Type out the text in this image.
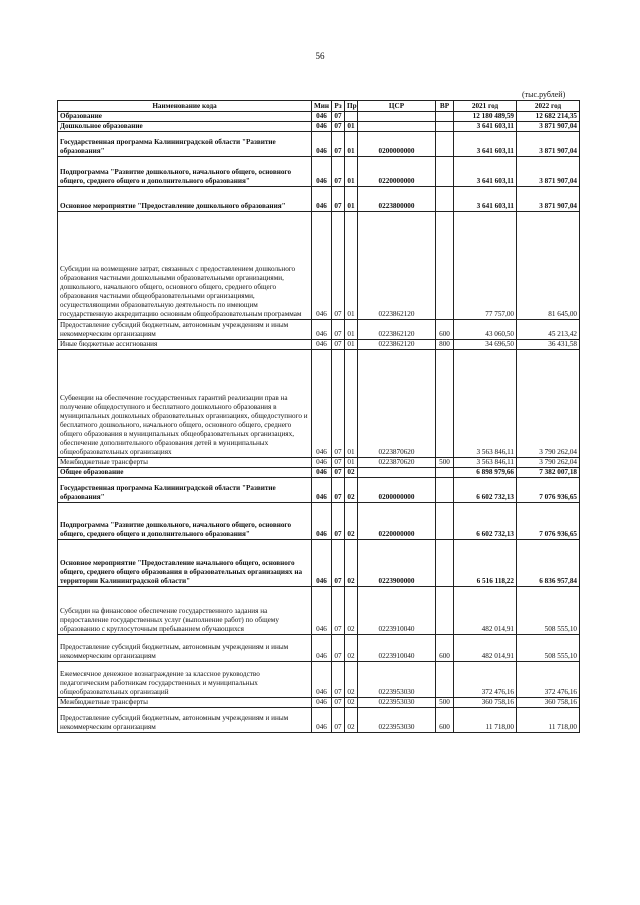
56
(тыс.рублей)
Наименование кода	Мин	Рз	Пр	ЦСР	ВР	2021 год	2022 год
Образование	046	07				12 180 489,59	12 682 214,35
Дошкольное образование	046	07	01			3 641 603,11	3 871 907,04
Государственная программа Калининградской области "Развитие образования"	046	07	01	0200000000		3 641 603,11	3 871 907,04
Подпрограмма "Развитие дошкольного, начального общего, основного общего, среднего общего и дополнительного образования"	046	07	01	0220000000		3 641 603,11	3 871 907,04
Основное мероприятие "Предоставление дошкольного образования"	046	07	01	0223800000		3 641 603,11	3 871 907,04
Субсидии на возмещение затрат, связанных с предоставлением дошкольного образования частными дошкольными образовательными организациями, дошкольного, начального общего, основного общего, среднего общего образования частными общеобразовательными организациями, осуществляющими образовательную деятельность по имеющим государственную аккредитацию основным общеобразовательным программам	046	07	01	0223862120		77 757,00	81 645,00
Предоставление субсидий бюджетным, автономным учреждениям и иным некоммерческим организациям	046	07	01	0223862120	600	43 060,50	45 213,42
Иные бюджетные ассигнования	046	07	01	0223862120	800	34 696,50	36 431,58
Субвенции на обеспечение государственных гарантий реализации прав на получение общедоступного и бесплатного дошкольного образования в муниципальных дошкольных образовательных организациях, общедоступного и бесплатного дошкольного, начального общего, основного общего, среднего общего образования в муниципальных общеобразовательных организациях, обеспечение дополнительного образования детей в муниципальных общеобразовательных организациях	046	07	01	0223870620		3 563 846,11	3 790 262,04
Межбюджетные трансферты	046	07	01	0223870620	500	3 563 846,11	3 790 262,04
Общее образование	046	07	02			6 898 979,66	7 382 007,18
Государственная программа Калининградской области "Развитие образования"	046	07	02	0200000000		6 602 732,13	7 076 936,65
Подпрограмма "Развитие дошкольного, начального общего, основного общего, среднего общего и дополнительного образования"	046	07	02	0220000000		6 602 732,13	7 076 936,65
Основное мероприятие "Предоставление начального общего, основного общего, среднего общего образования в образовательных организациях на территории Калининградской области"	046	07	02	0223900000		6 516 118,22	6 836 957,84
Субсидии на финансовое обеспечение государственного задания на предоставление государственных услуг (выполнение работ) по общему образованию с круглосуточным пребыванием обучающихся	046	07	02	0223910040		482 014,91	508 555,10
Предоставление субсидий бюджетным, автономным учреждениям и иным некоммерческим организациям	046	07	02	0223910040	600	482 014,91	508 555,10
Ежемесячное денежное вознаграждение за классное руководство педагогическим работникам государственных и муниципальных общеобразовательных организаций	046	07	02	0223953030		372 476,16	372 476,16
Межбюджетные трансферты	046	07	02	0223953030	500	360 758,16	360 758,16
Предоставление субсидий бюджетным, автономным учреждениям и иным некоммерческим организациям	046	07	02	0223953030	600	11 718,00	11 718,00
